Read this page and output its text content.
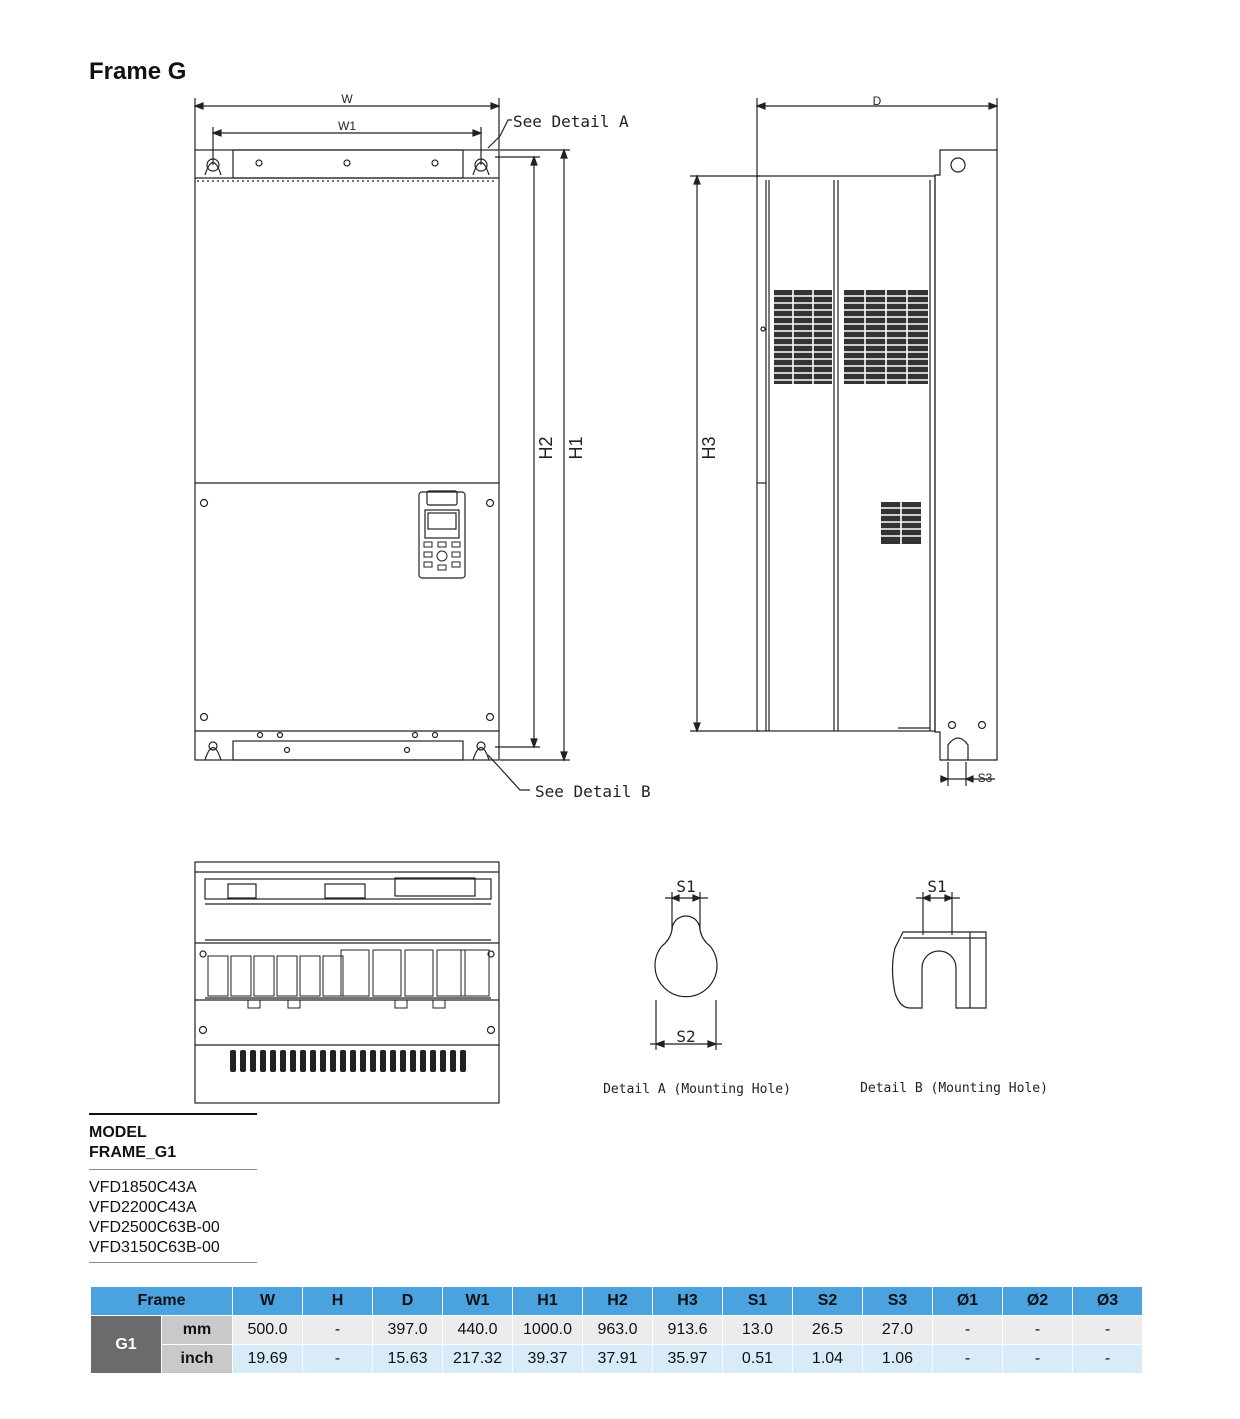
Frame G
W
W1
D
S3
H2 H1	H3
See Detail A
See Detail B
S1
S2
S1
Detail A (Mounting Hole)	Detail B (Mounting Hole)
MODEL
FRAME_G1
VFD1850C43A
VFD2200C43A
VFD2500C63B-00
VFD3150C63B-00
Frame		W	H	D	W1	H1	H2	H3	S1	S2	S3	Ø1	Ø2	Ø3
G1	mm	500.0	-	397.0	440.0	1000.0	963.0	913.6	13.0	26.5	27.0	-	-	-
	inch	19.69	-	15.63	217.32	39.37	37.91	35.97	0.51	1.04	1.06	-	-	-
